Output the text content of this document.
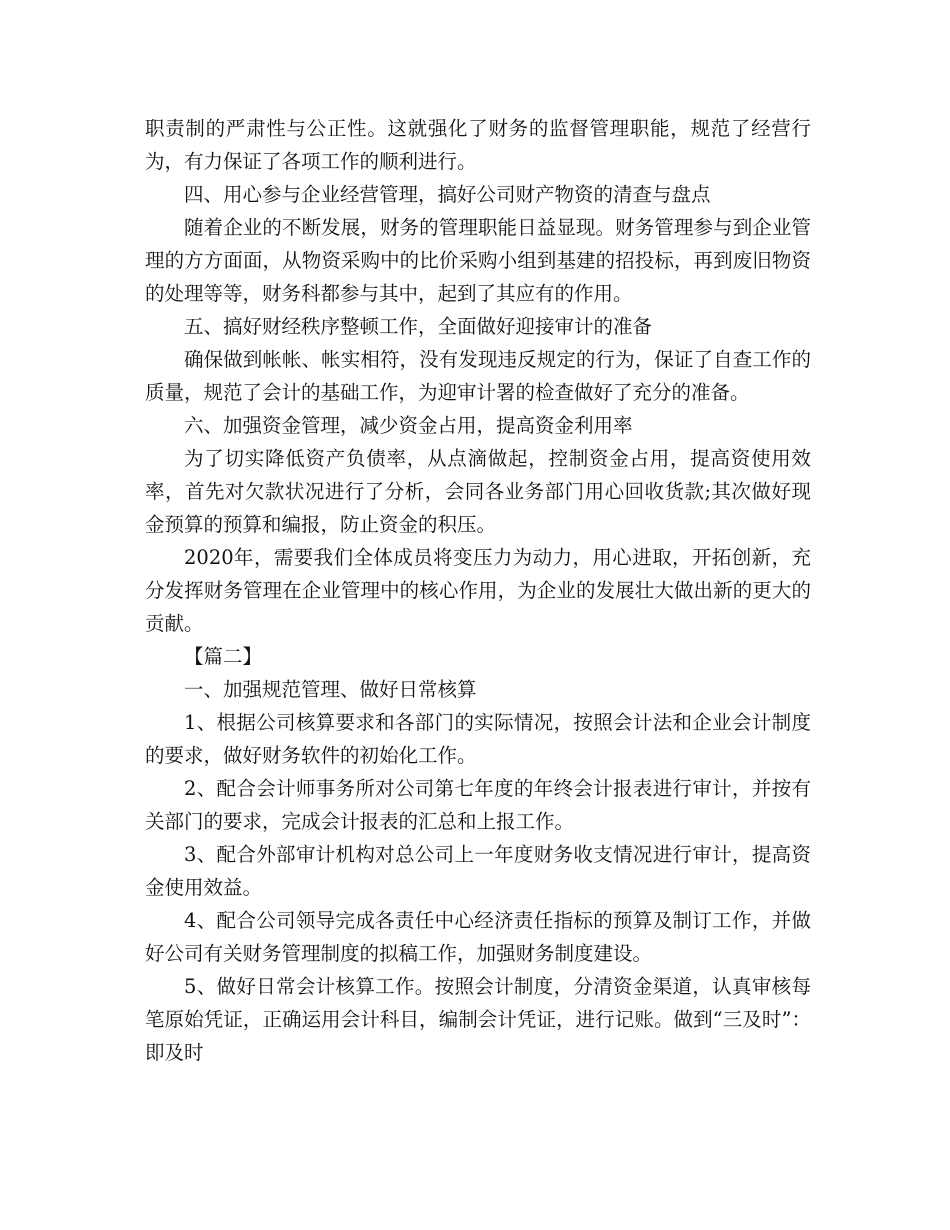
职责制的严肃性与公正性。这就强化了财务的监督管理职能，规范了经营行为，有力保证了各项工作的顺利进行。

四、用心参与企业经营管理，搞好公司财产物资的清查与盘点

随着企业的不断发展，财务的管理职能日益显现。财务管理参与到企业管理的方方面面，从物资采购中的比价采购小组到基建的招投标，再到废旧物资的处理等等，财务科都参与其中，起到了其应有的作用。

五、搞好财经秩序整顿工作，全面做好迎接审计的准备

确保做到帐帐、帐实相符，没有发现违反规定的行为，保证了自查工作的质量，规范了会计的基础工作，为迎审计署的检查做好了充分的准备。

六、加强资金管理，减少资金占用，提高资金利用率

为了切实降低资产负债率，从点滴做起，控制资金占用，提高资使用效率，首先对欠款状况进行了分析，会同各业务部门用心回收货款;其次做好现金预算的预算和编报，防止资金的积压。

2020年，需要我们全体成员将变压力为动力，用心进取，开拓创新，充分发挥财务管理在企业管理中的核心作用，为企业的发展壮大做出新的更大的贡献。

【篇二】

一、加强规范管理、做好日常核算

1、根据公司核算要求和各部门的实际情况，按照会计法和企业会计制度的要求，做好财务软件的初始化工作。

2、配合会计师事务所对公司第七年度的年终会计报表进行审计，并按有关部门的要求，完成会计报表的汇总和上报工作。

3、配合外部审计机构对总公司上一年度财务收支情况进行审计，提高资金使用效益。

4、配合公司领导完成各责任中心经济责任指标的预算及制订工作，并做好公司有关财务管理制度的拟稿工作，加强财务制度建设。

5、做好日常会计核算工作。按照会计制度，分清资金渠道，认真审核每笔原始凭证，正确运用会计科目，编制会计凭证，进行记账。做到“三及时”：即及时
